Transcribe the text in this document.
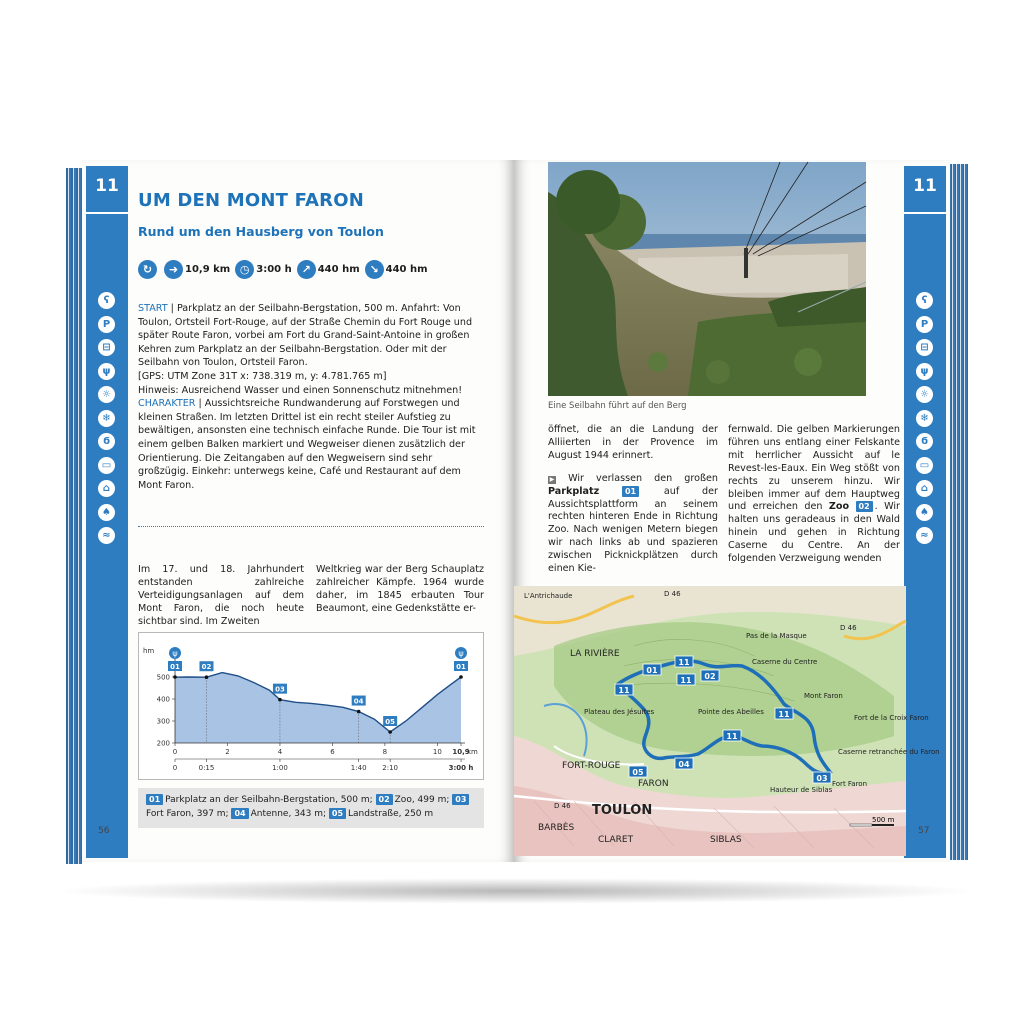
11
ʕ
P
⊟
ψ
☼
❄
ϭ
▭
⌂
♠
≈
56
UM DEN MONT FARON
Rund um den Hausberg von Toulon
↻	➜ 10,9 km ◷ 3:00 h ↗ 440 hm ↘ 440 hm
START | Parkplatz an der Seilbahn-Bergstation, 500 m. Anfahrt: Von Toulon, Ortsteil Fort-Rouge, auf der Straße Chemin du Fort Rouge und später Route Faron, vorbei am Fort du Grand-Saint-Antoine in großen Kehren zum Parkplatz an der Seilbahn-Bergstation. Oder mit der Seilbahn von Toulon, Ortsteil Faron.
[GPS: UTM Zone 31T x: 738.319 m, y: 4.781.765 m]
Hinweis: Ausreichend Wasser und einen Sonnenschutz mitnehmen!
CHARAKTER | Aussichtsreiche Rundwanderung auf Forstwegen und kleinen Straßen. Im letzten Drittel ist ein recht steiler Aufstieg zu bewältigen, ansonsten eine technisch einfache Runde. Die Tour ist mit einem gelben Balken markiert und Wegweiser dienen zusätzlich der Orientierung. Die Zeitangaben auf den Wegweisern sind sehr großzügig. Einkehr: unterwegs keine, Café und Restaurant auf dem Mont Faron.
Im 17. und 18. Jahrhundert entstanden zahlreiche Verteidigungsanlagen auf dem Mont Faron, die noch heute sichtbar sind. Im Zweiten
Weltkrieg war der Berg Schauplatz zahlreicher Kämpfe. 1964 wurde daher, im 1845 erbauten Tour Beaumont, eine Gedenkstätte er-
hm
200
300
400
500
0	2	4	6	8	10 10,9
km
0	0:15	1:00	1:40 2:10	3:00 h
01
ψ
02
03
04
05
01
ψ
01 Parkplatz an der Seilbahn-Bergstation, 500 m; 02 Zoo, 499 m; 03Fort Faron, 397 m; 04 Antenne, 343 m; 05 Landstraße, 250 m
11
ʕ
P
⊟
ψ
☼
❄
ϭ
▭
⌂
♠
≈
57
Eine Seilbahn führt auf den Berg
öffnet, die an die Landung der Alliierten in der Provence im August 1944 erinnert.
▶ Wir verlassen den großen Parkplatz	01 auf der Aussichtsplattform an seinem rechten hinteren Ende in Richtung Zoo. Nach wenigen Metern biegen wir nach links ab und spazieren zwischen Picknickplätzen durch einen Kie-
fernwald. Die gelben Markierungen führen uns entlang einer Felskante mit herrlicher Aussicht auf le Revest-les-Eaux. Ein Weg stößt von rechts zu unserem hinzu. Wir bleiben immer auf dem Hauptweg und erreichen den Zoo 02 . Wir halten uns geradeaus in den Wald hinein und gehen in Richtung Caserne du Centre. An der folgenden Verzweigung wenden
L'Antrichaude	D 46
D 46
D 46
LA RIVIÈRE
Pas de la Masque
Caserne du Centre
Mont Faron
Pointe des Abeilles
Plateau des Jésuites
Fort de la Croix Faron
FORT-ROUGE
FARON
TOULON
BARBÈS
CLARET	SIBLAS
Hauteur de Siblas
Caserne retranchée du Faron
Fort Faron
01
02
03
04
05
11
11
11
11
11
500 m
